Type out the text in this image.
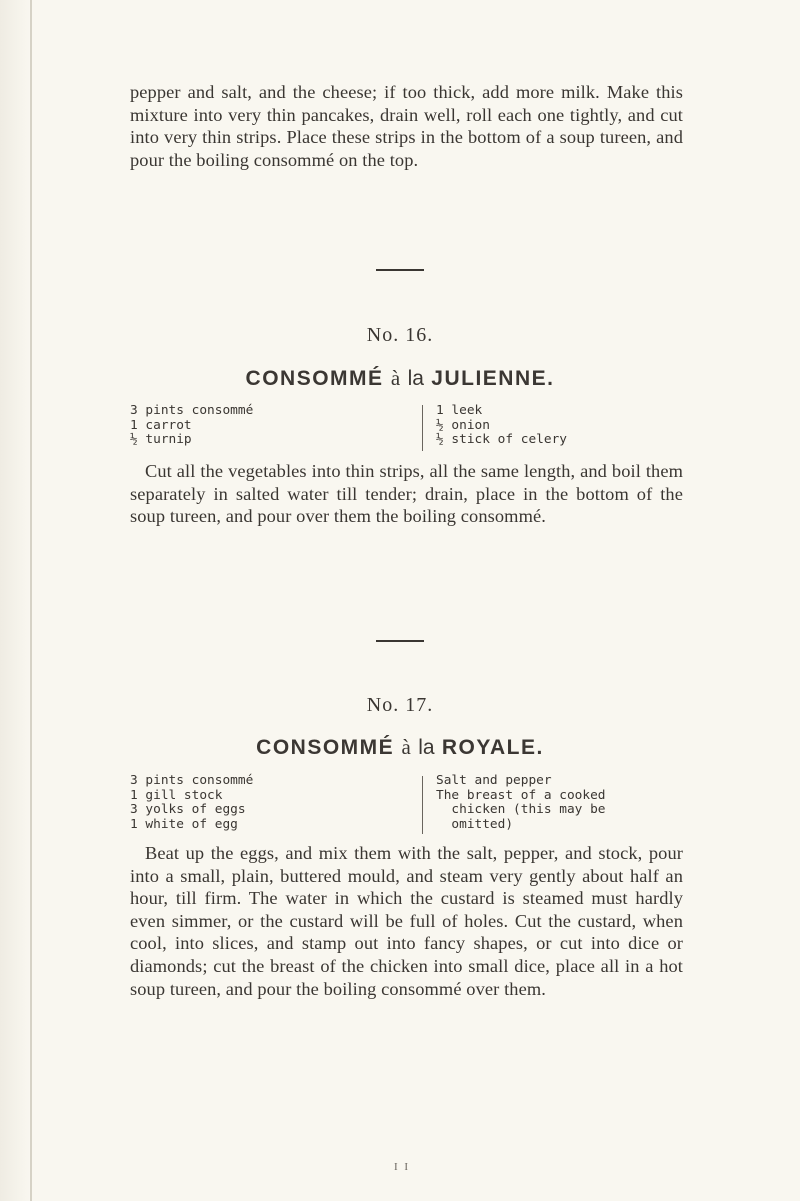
pepper and salt, and the cheese; if too thick, add more milk. Make this mixture into very thin pancakes, drain well, roll each one tightly, and cut into very thin strips. Place these strips in the bottom of a soup tureen, and pour the boiling consommé on the top.

No. 16.
CONSOMMÉ à la JULIENNE.
3 pints consommé
1 carrot
½ turnip
1 leek
½ onion
½ stick of celery

Cut all the vegetables into thin strips, all the same length, and boil them separately in salted water till tender; drain, place in the bottom of the soup tureen, and pour over them the boiling consommé.

No. 17.
CONSOMMÉ à la ROYALE.
3 pints consommé
1 gill stock
3 yolks of eggs
1 white of egg
Salt and pepper
The breast of a cooked
chicken (this may be
omitted)

Beat up the eggs, and mix them with the salt, pepper, and stock, pour into a small, plain, buttered mould, and steam very gently about half an hour, till firm. The water in which the custard is steamed must hardly even simmer, or the custard will be full of holes. Cut the custard, when cool, into slices, and stamp out into fancy shapes, or cut into dice or diamonds; cut the breast of the chicken into small dice, place all in a hot soup tureen, and pour the boiling consommé over them.

I I
